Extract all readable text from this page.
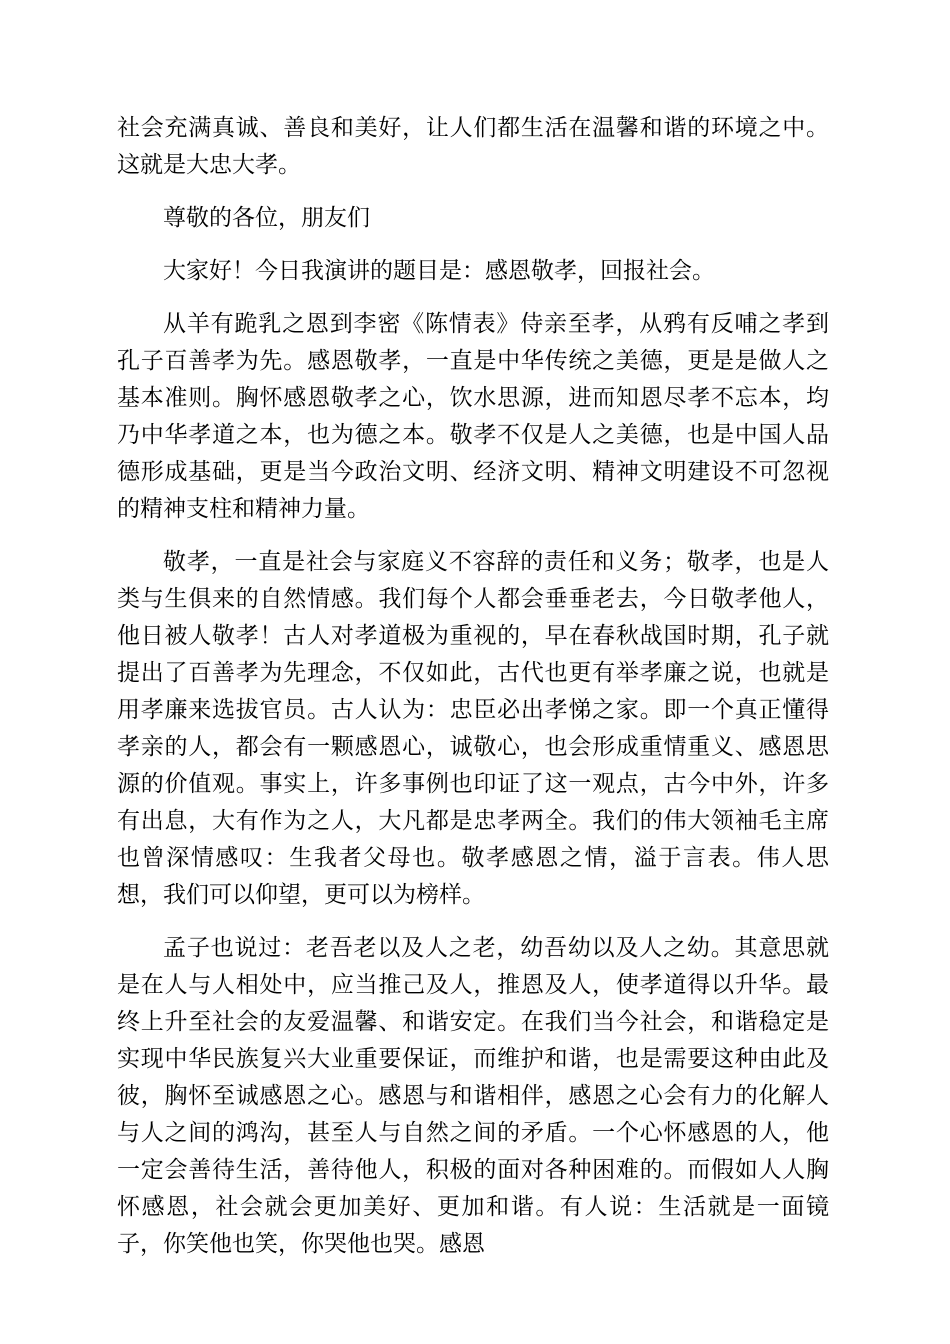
社会充满真诚、善良和美好，让人们都生活在温馨和谐的环境之中。这就是大忠大孝。

尊敬的各位，朋友们

大家好！今日我演讲的题目是：感恩敬孝，回报社会。

从羊有跪乳之恩到李密《陈情表》侍亲至孝，从鸦有反哺之孝到孔子百善孝为先。感恩敬孝，一直是中华传统之美德，更是是做人之基本准则。胸怀感恩敬孝之心，饮水思源，进而知恩尽孝不忘本，均乃中华孝道之本，也为德之本。敬孝不仅是人之美德，也是中国人品德形成基础，更是当今政治文明、经济文明、精神文明建设不可忽视的精神支柱和精神力量。

敬孝，一直是社会与家庭义不容辞的责任和义务；敬孝，也是人类与生俱来的自然情感。我们每个人都会垂垂老去，今日敬孝他人，他日被人敬孝！古人对孝道极为重视的，早在春秋战国时期，孔子就提出了百善孝为先理念，不仅如此，古代也更有举孝廉之说，也就是用孝廉来选拔官员。古人认为：忠臣必出孝悌之家。即一个真正懂得孝亲的人，都会有一颗感恩心，诚敬心，也会形成重情重义、感恩思源的价值观。事实上，许多事例也印证了这一观点，古今中外，许多有出息，大有作为之人，大凡都是忠孝两全。我们的伟大领袖毛主席也曾深情感叹：生我者父母也。敬孝感恩之情，溢于言表。伟人思想，我们可以仰望，更可以为榜样。

孟子也说过：老吾老以及人之老，幼吾幼以及人之幼。其意思就是在人与人相处中，应当推己及人，推恩及人，使孝道得以升华。最终上升至社会的友爱温馨、和谐安定。在我们当今社会，和谐稳定是实现中华民族复兴大业重要保证，而维护和谐，也是需要这种由此及彼，胸怀至诚感恩之心。感恩与和谐相伴，感恩之心会有力的化解人与人之间的鸿沟，甚至人与自然之间的矛盾。一个心怀感恩的人，他一定会善待生活，善待他人，积极的面对各种困难的。而假如人人胸怀感恩，社会就会更加美好、更加和谐。有人说：生活就是一面镜子，你笑他也笑，你哭他也哭。感恩
